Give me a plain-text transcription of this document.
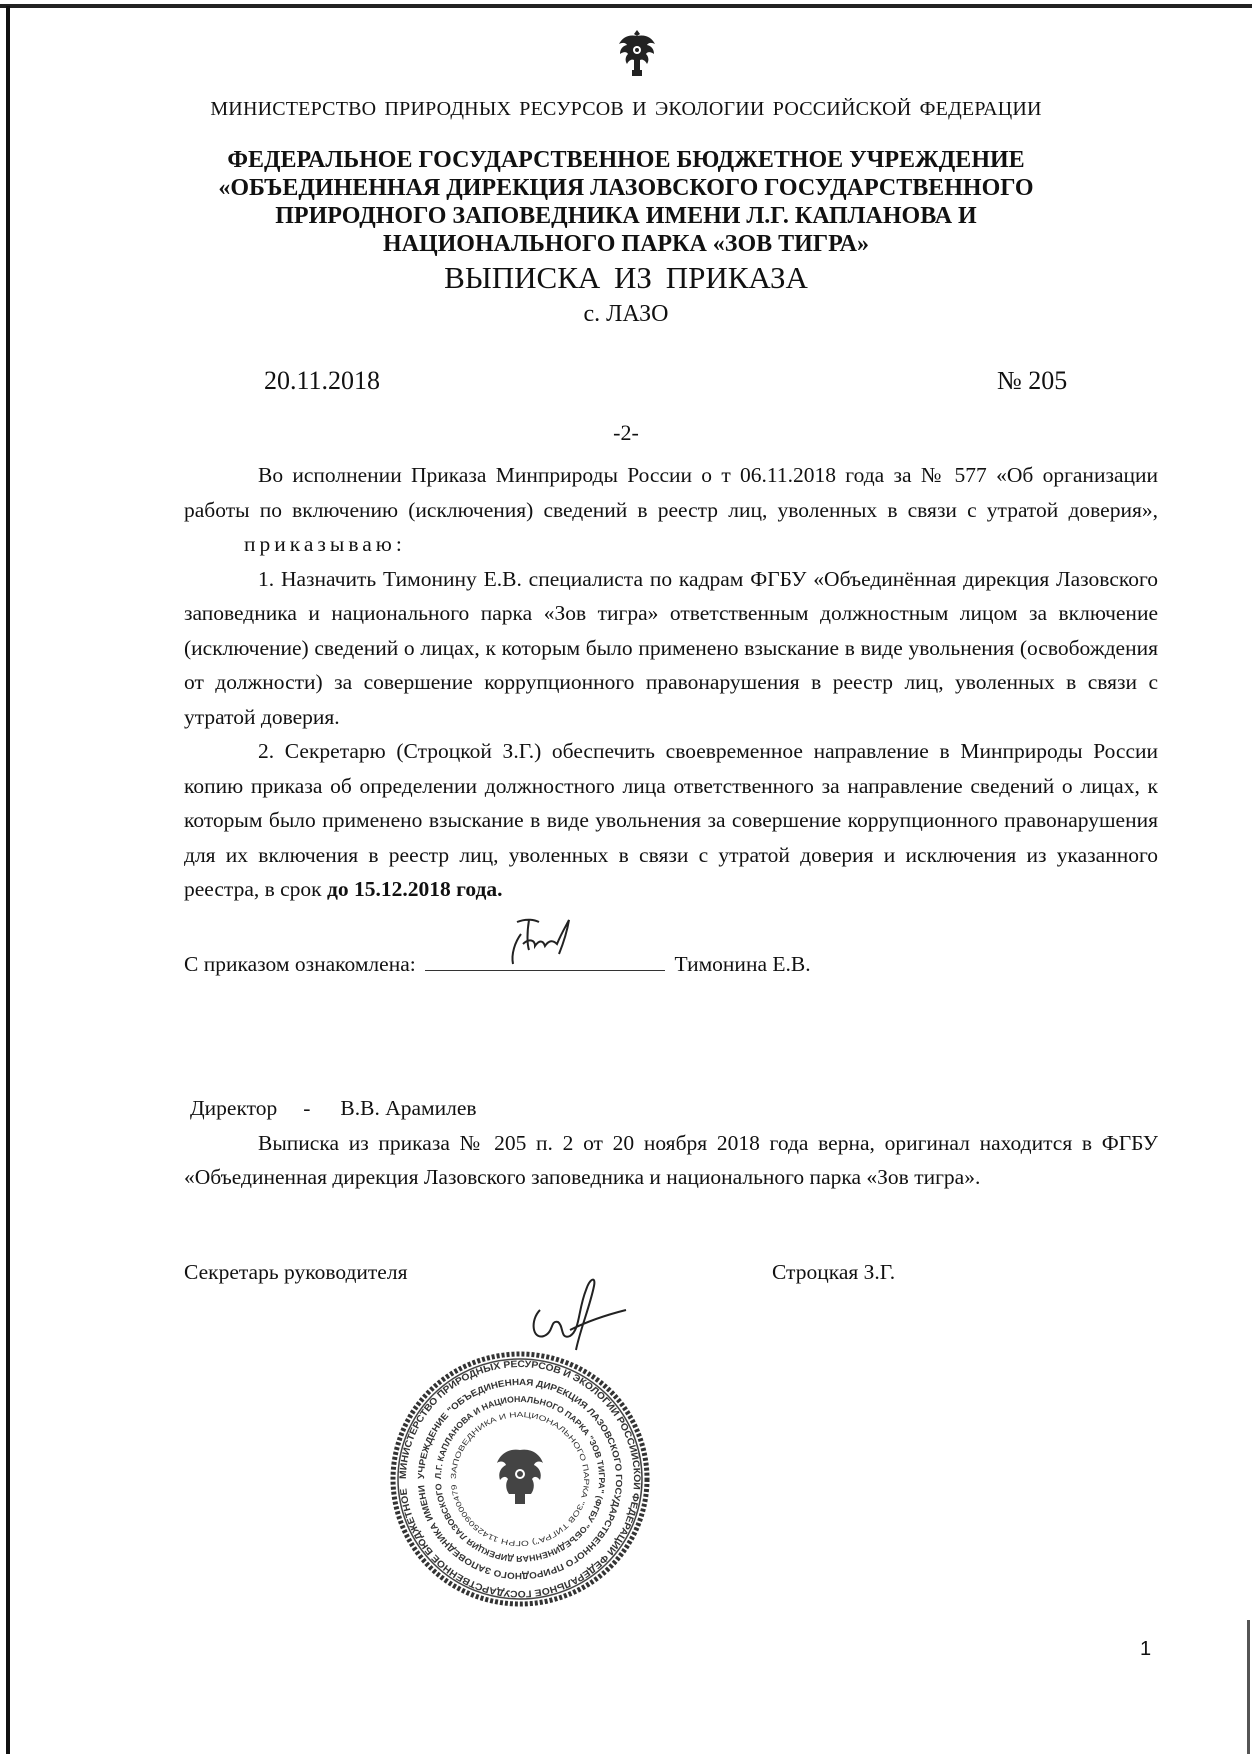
МИНИСТЕРСТВО ПРИРОДНЫХ РЕСУРСОВ И ЭКОЛОГИИ РОССИЙСКОЙ ФЕДЕРАЦИИ
ФЕДЕРАЛЬНОЕ ГОСУДАРСТВЕННОЕ БЮДЖЕТНОЕ УЧРЕЖДЕНИЕ
«ОБЪЕДИНЕННАЯ ДИРЕКЦИЯ ЛАЗОВСКОГО ГОСУДАРСТВЕННОГО
ПРИРОДНОГО ЗАПОВЕДНИКА ИМЕНИ Л.Г. КАПЛАНОВА И
НАЦИОНАЛЬНОГО ПАРКА «ЗОВ ТИГРА»
ВЫПИСКА ИЗ ПРИКАЗА
с. ЛАЗО
20.11.2018	№ 205
-2-

Во исполнении Приказа Минприроды России о т 06.11.2018 года за № 577 «Об организации работы по включению (исключения) сведений в реестр лиц, уволенных в связи с утратой доверия», приказываю:

1. Назначить Тимонину Е.В. специалиста по кадрам ФГБУ «Объединённая дирекция Лазовского заповедника и национального парка «Зов тигра» ответственным должностным лицом за включение (исключение) сведений о лицах, к которым было применено взыскание в виде увольнения (освобождения от должности) за совершение коррупционного правонарушения в реестр лиц, уволенных в связи с утратой доверия.

2. Секретарю (Строцкой З.Г.) обеспечить своевременное направление в Минприроды России копию приказа об определении должностного лица ответственного за направление сведений о лицах, к которым было применено взыскание в виде увольнения за совершение коррупционного правонарушения для их включения в реестр лиц, уволенных в связи с утратой доверия и исключения из указанного реестра, в срок до 15.12.2018 года.

С приказом ознакомлена:	Тимонина Е.В.
Директор - В.В. Арамилев

Выписка из приказа № 205 п. 2 от 20 ноября 2018 года верна, оригинал находится в ФГБУ «Объединенная дирекция Лазовского заповедника и национального парка «Зов тигра».

Секретарь руководителя	Строцкая З.Г.
МИНИСТЕРСТВО ПРИРОДНЫХ РЕСУРСОВ И ЭКОЛОГИИ РОССИЙСКОЙ ФЕДЕРАЦИИ ФЕДЕРАЛЬНОЕ ГОСУДАРСТВЕННОЕ БЮДЖЕТНОЕ
УЧРЕЖДЕНИЕ "ОБЪЕДИНЕННАЯ ДИРЕКЦИЯ ЛАЗОВСКОГО ГОСУДАРСТВЕННОГО ПРИРОДНОГО ЗАПОВЕДНИКА ИМЕНИ
Л.Г. КАПЛАНОВА И НАЦИОНАЛЬНОГО ПАРКА "ЗОВ ТИГРА" (ФГБУ "ОБЪЕДИНЕННАЯ ДИРЕКЦИЯ ЛАЗОВСКОГО
ЗАПОВЕДНИКА И НАЦИОНАЛЬНОГО ПАРКА "ЗОВ ТИГРА") ОГРН 1142509000479
1
